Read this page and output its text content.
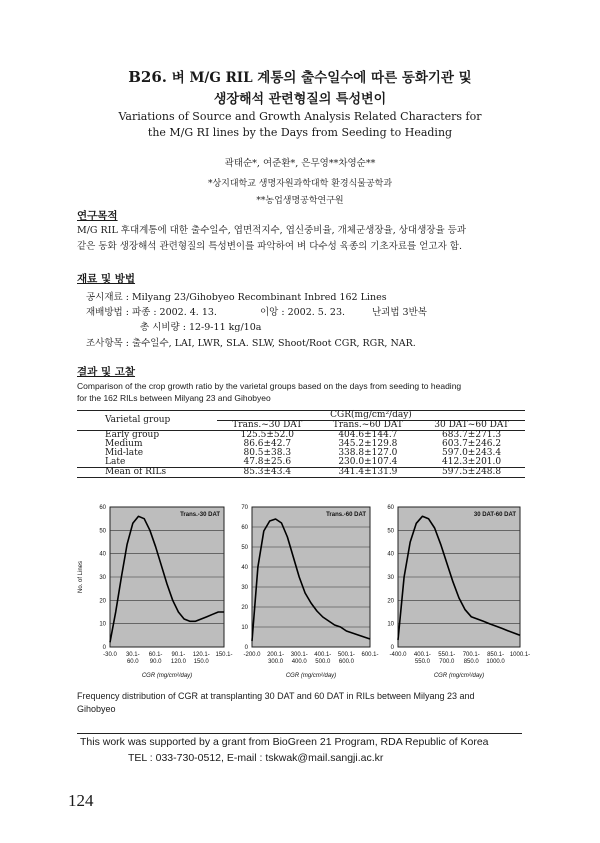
B26. 벼 M/G RIL 계통의 출수일수에 따른 동화기관 및
생장해석 관련형질의 특성변이
Variations of Source and Growth Analysis Related Characters for
the M/G RI lines by the Days from Seeding to Heading
곽태순*, 여준환*, 은무영**차영순**
*상지대학교 생명자원과학대학 환경식물공학과
**농업생명공학연구원
연구목적
M/G RIL 후대계통에 대한 출수일수, 엽면적지수, 엽신중비율, 개체군생장율, 상대생장율 등과
같은 동화 생장해석 관련형질의 특성변이를 파악하여 벼 다수성 육종의 기초자료를 얻고자 함.
재료 및 방법
공시재료 : Milyang 23/Gihobyeo Recombinant Inbred 162 Lines
재배방법 : 파종 : 2002. 4. 13.	이앙 : 2002. 5. 23.	난괴법 3반복
총 시비량 : 12-9-11 kg/10a
조사항목 : 출수일수, LAI, LWR, SLA. SLW, Shoot/Root CGR, RGR, NAR.
결과 및 고찰
Comparison of the crop growth ratio by the varietal groups based on the days from seeding to heading
for the 162 RILs between Milyang 23 and Gihobyeo
Varietal group	CGR(mg/cm²/day)		
	Trans.~30 DAT	Trans.~60 DAT	30 DAT~60 DAT
Early group	125.5±52.0	404.6±144.7	683.7±271.3
Medium	86.6±42.7	345.2±129.8	603.7±246.2
Mid-late	80.5±38.3	338.8±127.0	597.0±243.4
Late	47.8±25.6	230.0±107.4	412.3±201.0
Mean of RILs	85.3±43.4	341.4±131.9	597.5±248.8
0
10
20
30
40
50
60
-30.0 30.1-
60.0
60.1-
90.0
90.1-
120.0
120.1-
150.0
150.1-
CGR (mg/cm²/day)
No. of Lines
Trans.-30 DAT
0
10
20
30
40
50
60
70
-200.0 200.1-
300.0
300.1-
400.0
400.1-
500.0
500.1-
600.0
600.1-
CGR (mg/cm²/day)
Trans.-60 DAT
0
10
20
30
40
50
60
-400.0 400.1-
550.0
550.1-
700.0
700.1-
850.0
850.1-
1000.0
1000.1-
CGR (mg/cm²/day)
30 DAT-60 DAT
Frequency distribution of CGR at transplanting 30 DAT and 60 DAT in RILs between Milyang 23 and
Gihobyeo
This work was supported by a grant from BioGreen 21 Program, RDA Republic of Korea
TEL : 033-730-0512, E-mail : tskwak@mail.sangji.ac.kr
124
